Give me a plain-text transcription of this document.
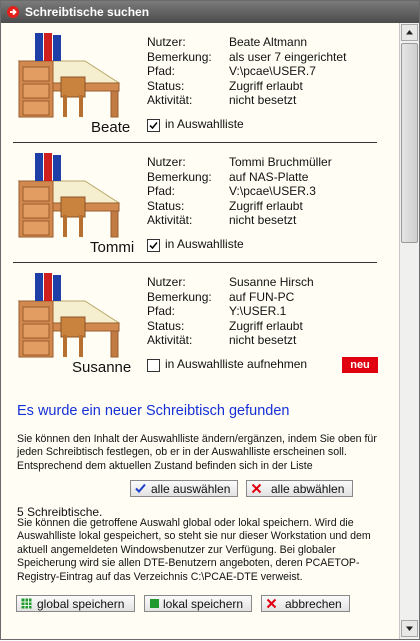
Schreibtische suchen
Beate
Nutzer:	Beate Altmann
Bemerkung: als user 7 eingerichtet
Pfad:	V:\pcae\USER.7
Status:	Zugriff erlaubt
Aktivität:	nicht besetzt
in Auswahlliste
Tommi
Nutzer:	Tommi Bruchmüller
Bemerkung: auf NAS-Platte
Pfad:	V:\pcae\USER.3
Status:	Zugriff erlaubt
Aktivität:	nicht besetzt
in Auswahlliste
Susanne
Nutzer:	Susanne Hirsch
Bemerkung: auf FUN-PC
Pfad:	Y:\USER.1
Status:	Zugriff erlaubt
Aktivität:	nicht besetzt
in Auswahlliste aufnehmen	neu
Es wurde ein neuer Schreibtisch gefunden
Sie können den Inhalt der Auswahlliste ändern/ergänzen, indem Sie oben für jeden Schreibtisch festlegen, ob er in der Auswahlliste erscheinen soll. Entsprechend dem aktuellen Zustand befinden sich in der Liste
5 Schreibtische.
alle auswählen	alle abwählen
Sie können die getroffene Auswahl global oder lokal speichern. Wird die Auswahlliste lokal gespeichert, so steht sie nur dieser Workstation und dem aktuell angemeldeten Windowsbenutzer zur Verfügung. Bei globaler Speicherung wird sie allen DTE-Benutzern angeboten, deren PCAETOP-Registry-Eintrag auf das Verzeichnis C:\PCAE-DTE verweist.
global speichern	lokal speichern	abbrechen
